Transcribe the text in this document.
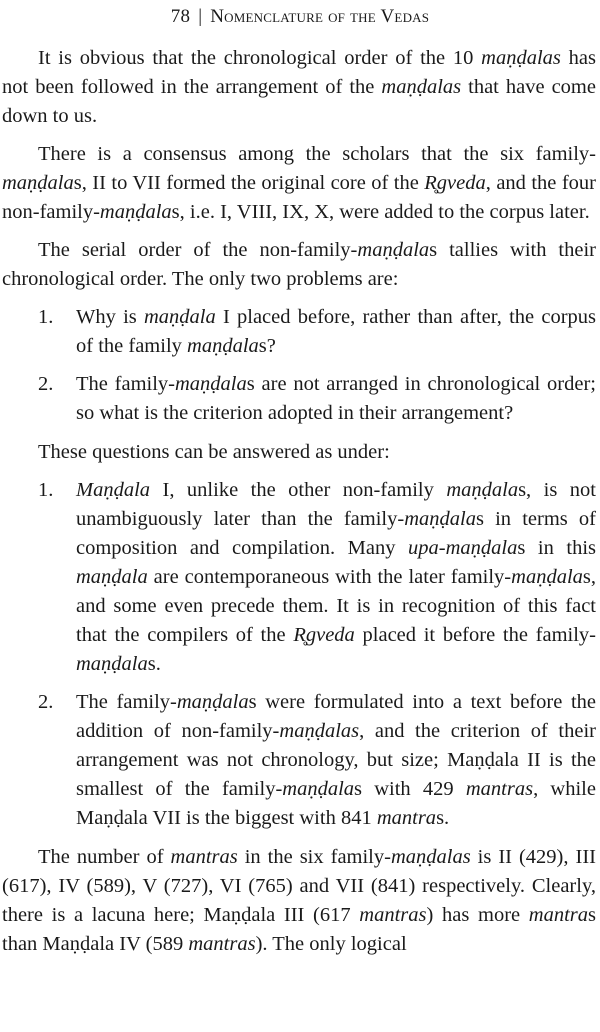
78 | Nomenclature of the Vedas

It is obvious that the chronological order of the 10 maṇḍalas has not been followed in the arrangement of the maṇḍalas that have come down to us.

There is a consensus among the scholars that the six family-maṇḍalas, II to VII formed the original core of the R̥gveda, and the four non-family-maṇḍalas, i.e. I, VIII, IX, X, were added to the corpus later.

The serial order of the non-family-maṇḍalas tallies with their chronological order. The only two problems are:

1. Why is maṇḍala I placed before, rather than after, the corpus of the family maṇḍalas?
2. The family-maṇḍalas are not arranged in chronological order; so what is the criterion adopted in their arrangement?

These questions can be answered as under:

1. Maṇḍala I, unlike the other non-family maṇḍalas, is not unambiguously later than the family-maṇḍalas in terms of composition and compilation. Many upa-maṇḍalas in this maṇḍala are contemporaneous with the later family-maṇḍalas, and some even precede them. It is in recognition of this fact that the compilers of the R̥gveda placed it before the family-maṇḍalas.
2. The family-maṇḍalas were formulated into a text before the addition of non-family-maṇḍalas, and the criterion of their arrangement was not chronology, but size; Maṇḍala II is the smallest of the family-maṇḍalas with 429 mantras, while Maṇḍala VII is the biggest with 841 mantras.

The number of mantras in the six family-maṇḍalas is II (429), III (617), IV (589), V (727), VI (765) and VII (841) respectively. Clearly, there is a lacuna here; Maṇḍala III (617 mantras) has more mantras than Maṇḍala IV (589 mantras). The only logical
